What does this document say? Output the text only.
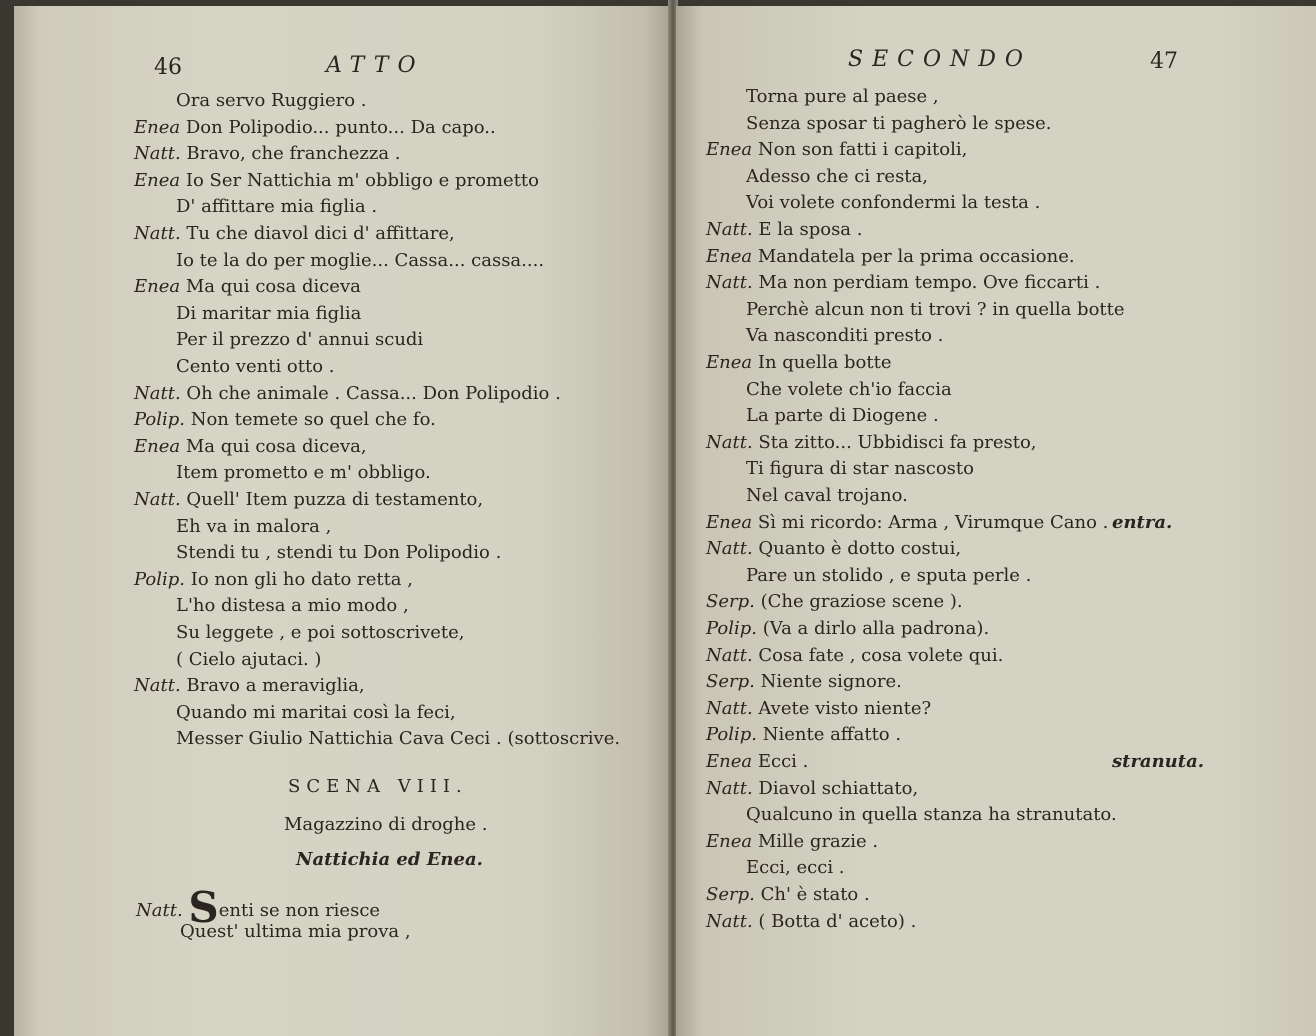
46	ATTO
Ora servo Ruggiero .
Enea Don Polipodio... punto... Da capo..
Natt. Bravo, che franchezza .
Enea Io Ser Nattichia m' obbligo e prometto
D' affittare mia figlia .
Natt. Tu che diavol dici d' affittare,
Io te la do per moglie... Cassa... cassa....
Enea Ma qui cosa diceva
Di maritar mia figlia
Per il prezzo d' annui scudi
Cento venti otto .
Natt. Oh che animale . Cassa... Don Polipodio .
Polip. Non temete so quel che fo.
Enea Ma qui cosa diceva,
Item prometto e m' obbligo.
Natt. Quell' Item puzza di testamento,
Eh va in malora ,
Stendi tu , stendi tu Don Polipodio .
Polip. Io non gli ho dato retta ,
L'ho distesa a mio modo ,
Su leggete , e poi sottoscrivete,
( Cielo ajutaci. )
Natt. Bravo a meraviglia,
Quando mi maritai così la feci,
Messer Giulio Nattichia Cava Ceci . (sottoscrive.
SCENA VIII.
Magazzino di droghe .
Nattichia ed Enea.
Natt. Senti se non riesce
Quest' ultima mia prova ,
SECONDO	47
Torna pure al paese ,
Senza sposar ti pagherò le spese.
Enea Non son fatti i capitoli,
Adesso che ci resta,
Voi volete confondermi la testa .
Natt. E la sposa .
Enea Mandatela per la prima occasione.
Natt. Ma non perdiam tempo. Ove ficcarti .
Perchè alcun non ti trovi ? in quella botte
Va nasconditi presto .
Enea In quella botte
Che volete ch'io faccia
La parte di Diogene .
Natt. Sta zitto... Ubbidisci fa presto,
Ti figura di star nascosto
Nel caval trojano.
Enea Sì mi ricordo: Arma , Virumque Cano . entra.
Natt. Quanto è dotto costui,
Pare un stolido , e sputa perle .
Serp. (Che graziose scene ).
Polip. (Va a dirlo alla padrona).
Natt. Cosa fate , cosa volete qui.
Serp. Niente signore.
Natt. Avete visto niente?
Polip. Niente affatto .
Enea Ecci .	stranuta.
Natt. Diavol schiattato,
Qualcuno in quella stanza ha stranutato.
Enea Mille grazie .
Ecci, ecci .
Serp. Ch' è stato .
Natt. ( Botta d' aceto) .
